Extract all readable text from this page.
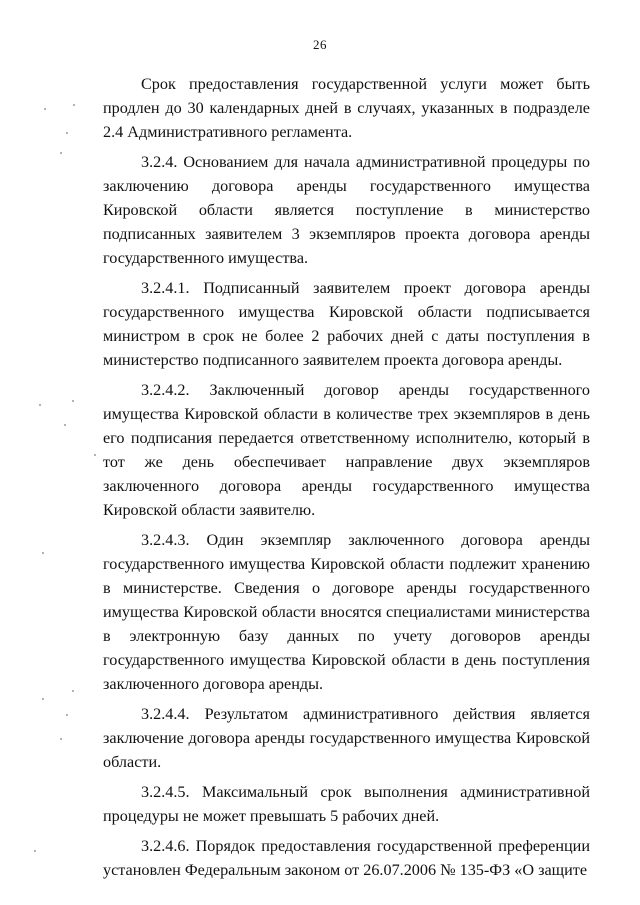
26

Срок предоставления государственной услуги может быть продлен до 30 календарных дней в случаях, указанных в подразделе 2.4 Административного регламента.

3.2.4. Основанием для начала административной процедуры по заключению договора аренды государственного имущества Кировской области является поступление в министерство подписанных заявителем 3 экземпляров проекта договора аренды государственного имущества.

3.2.4.1. Подписанный заявителем проект договора аренды государственного имущества Кировской области подписывается министром в срок не более 2 рабочих дней с даты поступления в министерство подписанного заявителем проекта договора аренды.

3.2.4.2. Заключенный договор аренды государственного имущества Кировской области в количестве трех экземпляров в день его подписания передается ответственному исполнителю, который в тот же день обеспечивает направление двух экземпляров заключенного договора аренды государственного имущества Кировской области заявителю.

3.2.4.3. Один экземпляр заключенного договора аренды государственного имущества Кировской области подлежит хранению в министерстве. Сведения о договоре аренды государственного имущества Кировской области вносятся специалистами министерства в электронную базу данных по учету договоров аренды государственного имущества Кировской области в день поступления заключенного договора аренды.

3.2.4.4. Результатом административного действия является заключение договора аренды государственного имущества Кировской области.

3.2.4.5. Максимальный срок выполнения административной процедуры не может превышать 5 рабочих дней.

3.2.4.6. Порядок предоставления государственной преференции установлен Федеральным законом от 26.07.2006 № 135-ФЗ «О защите
